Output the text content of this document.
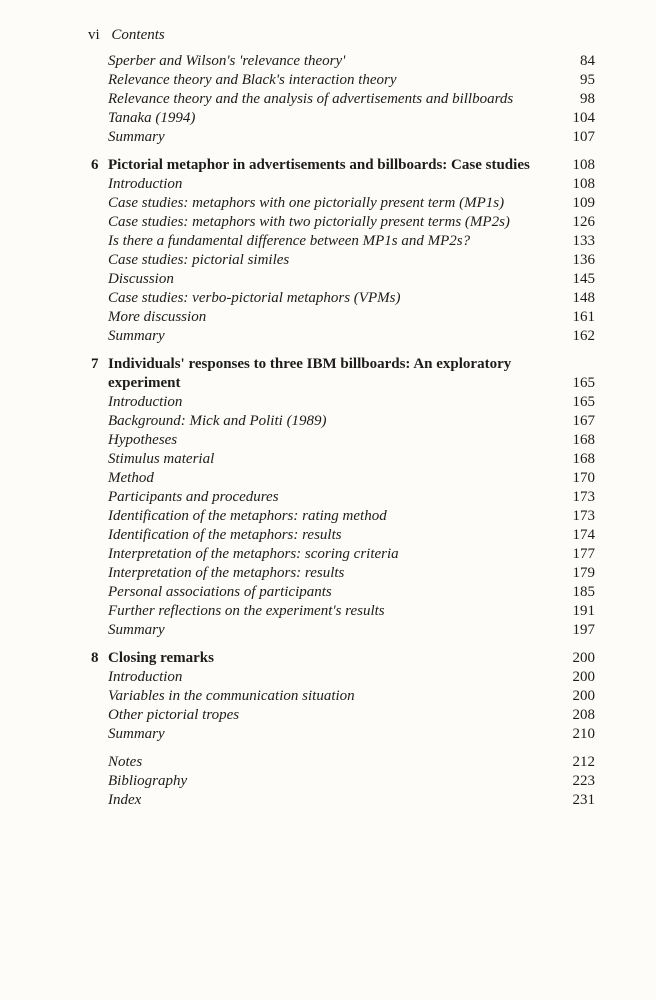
vi Contents
Sperber and Wilson's 'relevance theory'	84
Relevance theory and Black's interaction theory	95
Relevance theory and the analysis of advertisements and billboards	98
Tanaka (1994)	104
Summary	107
6 Pictorial metaphor in advertisements and billboards: Case studies	108
Introduction	108
Case studies: metaphors with one pictorially present term (MP1s)	109
Case studies: metaphors with two pictorially present terms (MP2s)	126
Is there a fundamental difference between MP1s and MP2s?	133
Case studies: pictorial similes	136
Discussion	145
Case studies: verbo-pictorial metaphors (VPMs)	148
More discussion	161
Summary	162
7 Individuals' responses to three IBM billboards: An exploratory
experiment	165
Introduction	165
Background: Mick and Politi (1989)	167
Hypotheses	168
Stimulus material	168
Method	170
Participants and procedures	173
Identification of the metaphors: rating method	173
Identification of the metaphors: results	174
Interpretation of the metaphors: scoring criteria	177
Interpretation of the metaphors: results	179
Personal associations of participants	185
Further reflections on the experiment's results	191
Summary	197
8 Closing remarks	200
Introduction	200
Variables in the communication situation	200
Other pictorial tropes	208
Summary	210
Notes	212
Bibliography	223
Index	231
